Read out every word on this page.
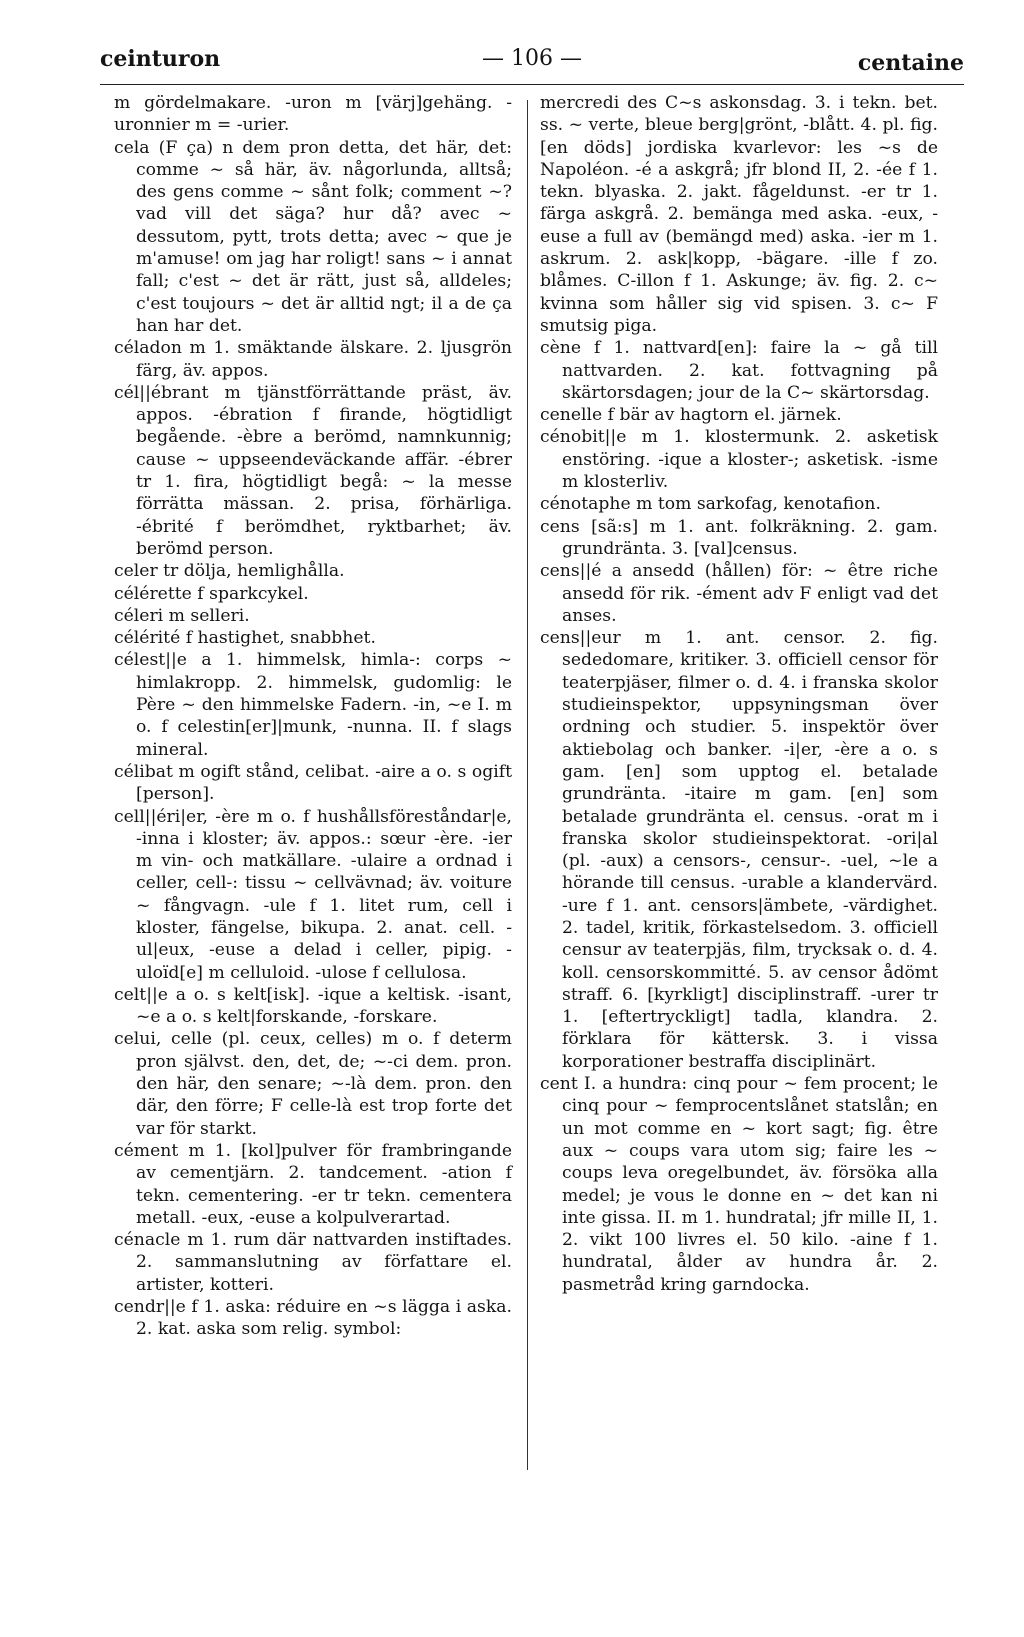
ceinturon	— 106 —	centaine

m gördelmakare. -uron m [värj]gehäng. -uronnier m = -urier.

cela (F ça) n dem pron detta, det här, det: comme ~ så här, äv. någorlunda, alltså; des gens comme ~ sånt folk; comment ~? vad vill det säga? hur då? avec ~ dessutom, pytt, trots detta; avec ~ que je m'amuse! om jag har roligt! sans ~ i annat fall; c'est ~ det är rätt, just så, alldeles; c'est toujours ~ det är alltid ngt; il a de ça han har det.

céladon m 1. smäktande älskare. 2. ljusgrön färg, äv. appos.

cél||ébrant m tjänstförrättande präst, äv. appos. -ébration f firande, högtidligt begående. -èbre a berömd, namnkunnig; cause ~ uppseendeväckande affär. -ébrer tr 1. fira, högtidligt begå: ~ la messe förrätta mässan. 2. prisa, förhärliga. -ébrité f berömdhet, ryktbarhet; äv. berömd person.

celer tr dölja, hemlighålla.

célérette f sparkcykel.

céleri m selleri.

célérité f hastighet, snabbhet.

célest||e a 1. himmelsk, himla-: corps ~ himlakropp. 2. himmelsk, gudomlig: le Père ~ den himmelske Fadern. -in, ~e I. m o. f celestin[er]|munk, -nunna. II. f slags mineral.

célibat m ogift stånd, celibat. -aire a o. s ogift [person].

cell||éri|er, -ère m o. f hushållsföreståndar|e, -inna i kloster; äv. appos.: sœur -ère. -ier m vin- och matkällare. -ulaire a ordnad i celler, cell-: tissu ~ cellvävnad; äv. voiture ~ fångvagn. -ule f 1. litet rum, cell i kloster, fängelse, bikupa. 2. anat. cell. -ul|eux, -euse a delad i celler, pipig. -uloïd[e] m celluloid. -ulose f cellulosa.

celt||e a o. s kelt[isk]. -ique a keltisk. -isant, ~e a o. s kelt|forskande, -forskare.

celui, celle (pl. ceux, celles) m o. f determ pron självst. den, det, de; ~-ci dem. pron. den här, den senare; ~-là dem. pron. den där, den förre; F celle-là est trop forte det var för starkt.

cément m 1. [kol]pulver för frambringande av cementjärn. 2. tandcement. -ation f tekn. cementering. -er tr tekn. cementera metall. -eux, -euse a kolpulverartad.

cénacle m 1. rum där nattvarden instiftades. 2. sammanslutning av författare el. artister, kotteri.

cendr||e f 1. aska: réduire en ~s lägga i aska. 2. kat. aska som relig. symbol:

mercredi des C~s askonsdag. 3. i tekn. bet. ss. ~ verte, bleue berg|grönt, -blått. 4. pl. fig. [en döds] jordiska kvarlevor: les ~s de Napoléon. -é a askgrå; jfr blond II, 2. -ée f 1. tekn. blyaska. 2. jakt. fågeldunst. -er tr 1. färga askgrå. 2. bemänga med aska. -eux, -euse a full av (bemängd med) aska. -ier m 1. askrum. 2. ask|kopp, -bägare. -ille f zo. blåmes. C-illon f 1. Askunge; äv. fig. 2. c~ kvinna som håller sig vid spisen. 3. c~ F smutsig piga.

cène f 1. nattvard[en]: faire la ~ gå till nattvarden. 2. kat. fottvagning på skärtorsdagen; jour de la C~ skärtorsdag.

cenelle f bär av hagtorn el. järnek.

cénobit||e m 1. klostermunk. 2. asketisk enstöring. -ique a kloster-; asketisk. -isme m klosterliv.

cénotaphe m tom sarkofag, kenotafion.

cens [sã:s] m 1. ant. folkräkning. 2. gam. grundränta. 3. [val]census.

cens||é a ansedd (hållen) för: ~ être riche ansedd för rik. -ément adv F enligt vad det anses.

cens||eur m 1. ant. censor. 2. fig. sededomare, kritiker. 3. officiell censor för teaterpjäser, filmer o. d. 4. i franska skolor studieinspektor, uppsyningsman över ordning och studier. 5. inspektör över aktiebolag och banker. -i|er, -ère a o. s gam. [en] som upptog el. betalade grundränta. -itaire m gam. [en] som betalade grundränta el. census. -orat m i franska skolor studieinspektorat. -ori|al (pl. -aux) a censors-, censur-. -uel, ~le a hörande till census. -urable a klandervärd. -ure f 1. ant. censors|ämbete, -värdighet. 2. tadel, kritik, förkastelsedom. 3. officiell censur av teaterpjäs, film, trycksak o. d. 4. koll. censorskommitté. 5. av censor ådömt straff. 6. [kyrkligt] disciplinstraff. -urer tr 1. [eftertryckligt] tadla, klandra. 2. förklara för kättersk. 3. i vissa korporationer bestraffa disciplinärt.

cent I. a hundra: cinq pour ~ fem procent; le cinq pour ~ femprocentslånet statslån; en un mot comme en ~ kort sagt; fig. être aux ~ coups vara utom sig; faire les ~ coups leva oregelbundet, äv. försöka alla medel; je vous le donne en ~ det kan ni inte gissa. II. m 1. hundratal; jfr mille II, 1. 2. vikt 100 livres el. 50 kilo. -aine f 1. hundratal, ålder av hundra år. 2. pasmetråd kring garndocka.
